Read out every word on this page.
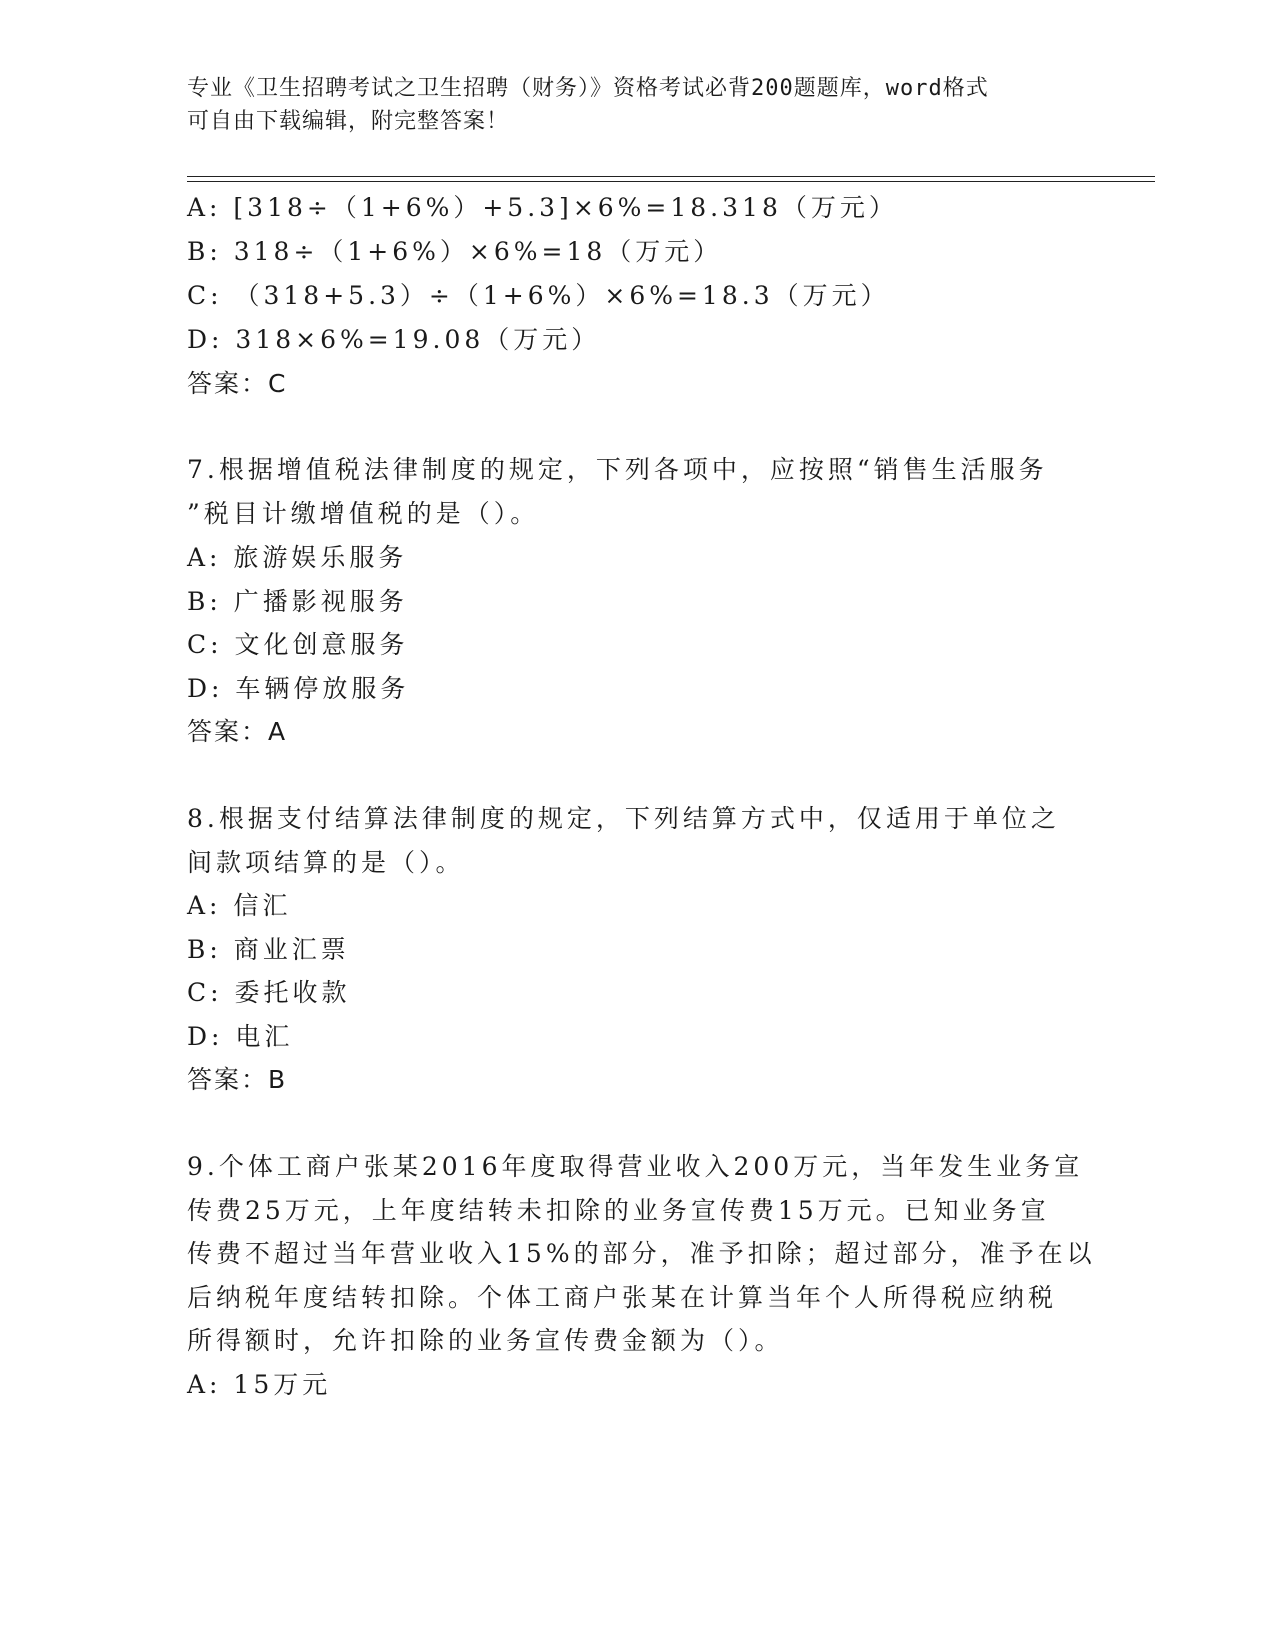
专业《卫生招聘考试之卫生招聘（财务）》资格考试必背200题题库，word格式
可自由下载编辑，附完整答案！
A: [318÷（1+6%）+5.3]×6%=18.318（万元）
B: 318÷（1+6%）×6%=18（万元）
C: （318+5.3）÷（1+6%）×6%=18.3（万元）
D: 318×6%=19.08（万元）
答案：C
7.根据增值税法律制度的规定，下列各项中，应按照“销售生活服务
”税目计缴增值税的是（）。
A: 旅游娱乐服务
B: 广播影视服务
C: 文化创意服务
D: 车辆停放服务
答案：A
8.根据支付结算法律制度的规定，下列结算方式中，仅适用于单位之
间款项结算的是（）。
A: 信汇
B: 商业汇票
C: 委托收款
D: 电汇
答案：B
9.个体工商户张某2016年度取得营业收入200万元，当年发生业务宣
传费25万元，上年度结转未扣除的业务宣传费15万元。已知业务宣
传费不超过当年营业收入15%的部分，准予扣除；超过部分，准予在以
后纳税年度结转扣除。个体工商户张某在计算当年个人所得税应纳税
所得额时，允许扣除的业务宣传费金额为（）。
A: 15万元
